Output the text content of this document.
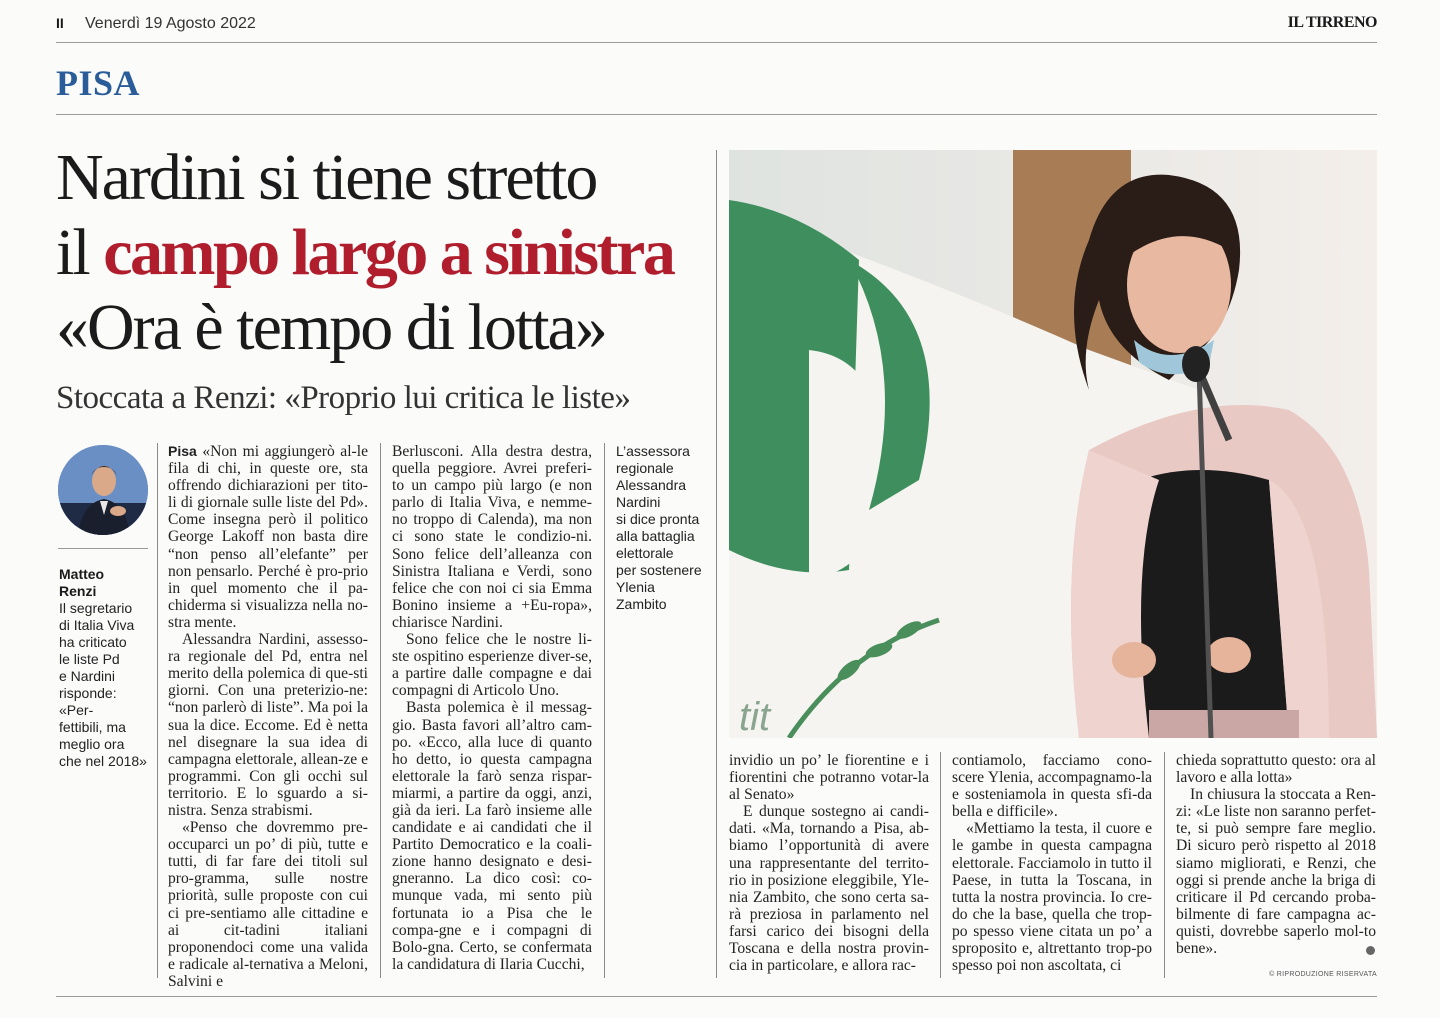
II Venerdì 19 Agosto 2022	IL TIRRENO
PISA
Nardini si tiene stretto
il campo largo a sinistra
«Ora è tempo di lotta»
Stoccata a Renzi: «Proprio lui critica le liste»
Matteo
Renzi
Il segretario
di Italia Viva
ha criticato
le liste Pd
e Nardini
risponde: «Per-
fettibili, ma
meglio ora
che nel 2018»

Pisa «Non mi aggiungerò al-le fila di chi, in queste ore, sta offrendo dichiarazioni per tito-li di giornale sulle liste del Pd». Come insegna però il politico George Lakoff non basta dire “non penso all’elefante” per non pensarlo. Perché è pro-prio in quel momento che il pa-chiderma si visualizza nella no-stra mente.

Alessandra Nardini, assesso-ra regionale del Pd, entra nel merito della polemica di que-sti giorni. Con una preterizio-ne: “non parlerò di liste”. Ma poi la sua la dice. Eccome. Ed è netta nel disegnare la sua idea di campagna elettorale, allean-ze e programmi. Con gli occhi sul territorio. E lo sguardo a si-nistra. Senza strabismi.

«Penso che dovremmo pre-occuparci un po’ di più, tutte e tutti, di far fare dei titoli sul pro-gramma, sulle nostre priorità, sulle proposte con cui ci pre-sentiamo alle cittadine e ai cit-tadini italiani proponendoci come una valida e radicale al-ternativa a Meloni, Salvini e

Berlusconi. Alla destra destra, quella peggiore. Avrei preferi-to un campo più largo (e non parlo di Italia Viva, e nemme-no troppo di Calenda), ma non ci sono state le condizio-ni. Sono felice dell’alleanza con Sinistra Italiana e Verdi, sono felice che con noi ci sia Emma Bonino insieme a +Eu-ropa», chiarisce Nardini.

Sono felice che le nostre li-ste ospitino esperienze diver-se, a partire dalle compagne e dai compagni di Articolo Uno.

Basta polemica è il messag-gio. Basta favori all’altro cam-po. «Ecco, alla luce di quanto ho detto, io questa campagna elettorale la farò senza rispar-miarmi, a partire da oggi, anzi, già da ieri. La farò insieme alle candidate e ai candidati che il Partito Democratico e la coali-zione hanno designato e desi-gneranno. La dico così: co-munque vada, mi sento più fortunata io a Pisa che le compa-gne e i compagni di Bolo-gna. Certo, se confermata la candidatura di Ilaria Cucchi,

L’assessora
regionale
Alessandra
Nardini
si dice pronta
alla battaglia
elettorale
per sostenere
Ylenia
Zambito
tit

invidio un po’ le fiorentine e i fiorentini che potranno votar-la al Senato»

E dunque sostegno ai candi-dati. «Ma, tornando a Pisa, ab-biamo l’opportunità di avere una rappresentante del territo-rio in posizione eleggibile, Yle-nia Zambito, che sono certa sa-rà preziosa in parlamento nel farsi carico dei bisogni della Toscana e della nostra provin-cia in particolare, e allora rac-

contiamolo, facciamo cono-scere Ylenia, accompagnamo-la e sosteniamola in questa sfi-da bella e difficile».

«Mettiamo la testa, il cuore e le gambe in questa campagna elettorale. Facciamolo in tutto il Paese, in tutta la Toscana, in tutta la nostra provincia. Io cre-do che la base, quella che trop-po spesso viene citata un po’ a sproposito e, altrettanto trop-po spesso poi non ascoltata, ci

chieda soprattutto questo: ora al lavoro e alla lotta»

In chiusura la stoccata a Ren-zi: «Le liste non saranno perfet-te, si può sempre fare meglio. Di sicuro però rispetto al 2018 siamo migliorati, e Renzi, che oggi si prende anche la briga di criticare il Pd cercando proba-bilmente di fare campagna ac-quisti, dovrebbe saperlo mol-to bene».

© RIPRODUZIONE RISERVATA
